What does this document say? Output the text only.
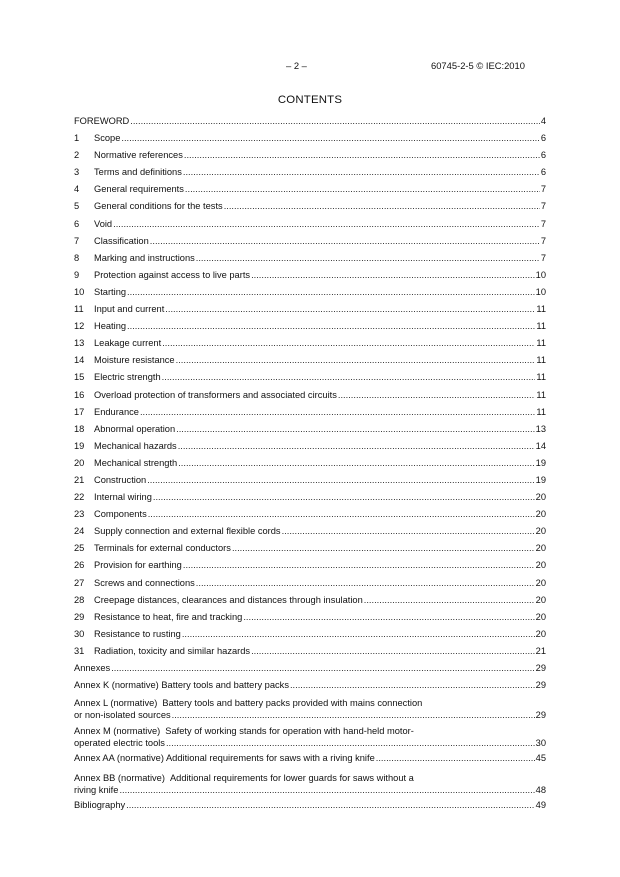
– 2 –	60745-2-5 © IEC:2010
CONTENTS
FOREWORD .....	4
1	Scope .....	6
2	Normative references .....	6
3	Terms and definitions .....	6
4	General requirements .....	7
5	General conditions for the tests .....	7
6	Void .....	7
7	Classification .....	7
8	Marking and instructions .....	7
9	Protection against access to live parts .....	10
10	Starting .....	10
11	Input and current .....	11
12	Heating .....	11
13	Leakage current .....	11
14	Moisture resistance .....	11
15	Electric strength .....	11
16	Overload protection of transformers and associated circuits .....	11
17	Endurance .....	11
18	Abnormal operation .....	13
19	Mechanical hazards .....	14
20	Mechanical strength .....	19
21	Construction .....	19
22	Internal wiring .....	20
23	Components .....	20
24	Supply connection and external flexible cords .....	20
25	Terminals for external conductors .....	20
26	Provision for earthing .....	20
27	Screws and connections .....	20
28	Creepage distances, clearances and distances through insulation .....	20
29	Resistance to heat, fire and tracking .....	20
30	Resistance to rusting .....	20
31	Radiation, toxicity and similar hazards .....	21
Annexes .....	29
Annex K (normative) Battery tools and battery packs .....	29
Annex L (normative) Battery tools and battery packs provided with mains connection
or non-isolated sources .....	29
Annex M (normative) Safety of working stands for operation with hand-held motor-
operated electric tools .....	30
Annex AA (normative) Additional requirements for saws with a riving knife .....	45
Annex BB (normative) Additional requirements for lower guards for saws without a
riving knife .....	48
Bibliography .....	49
